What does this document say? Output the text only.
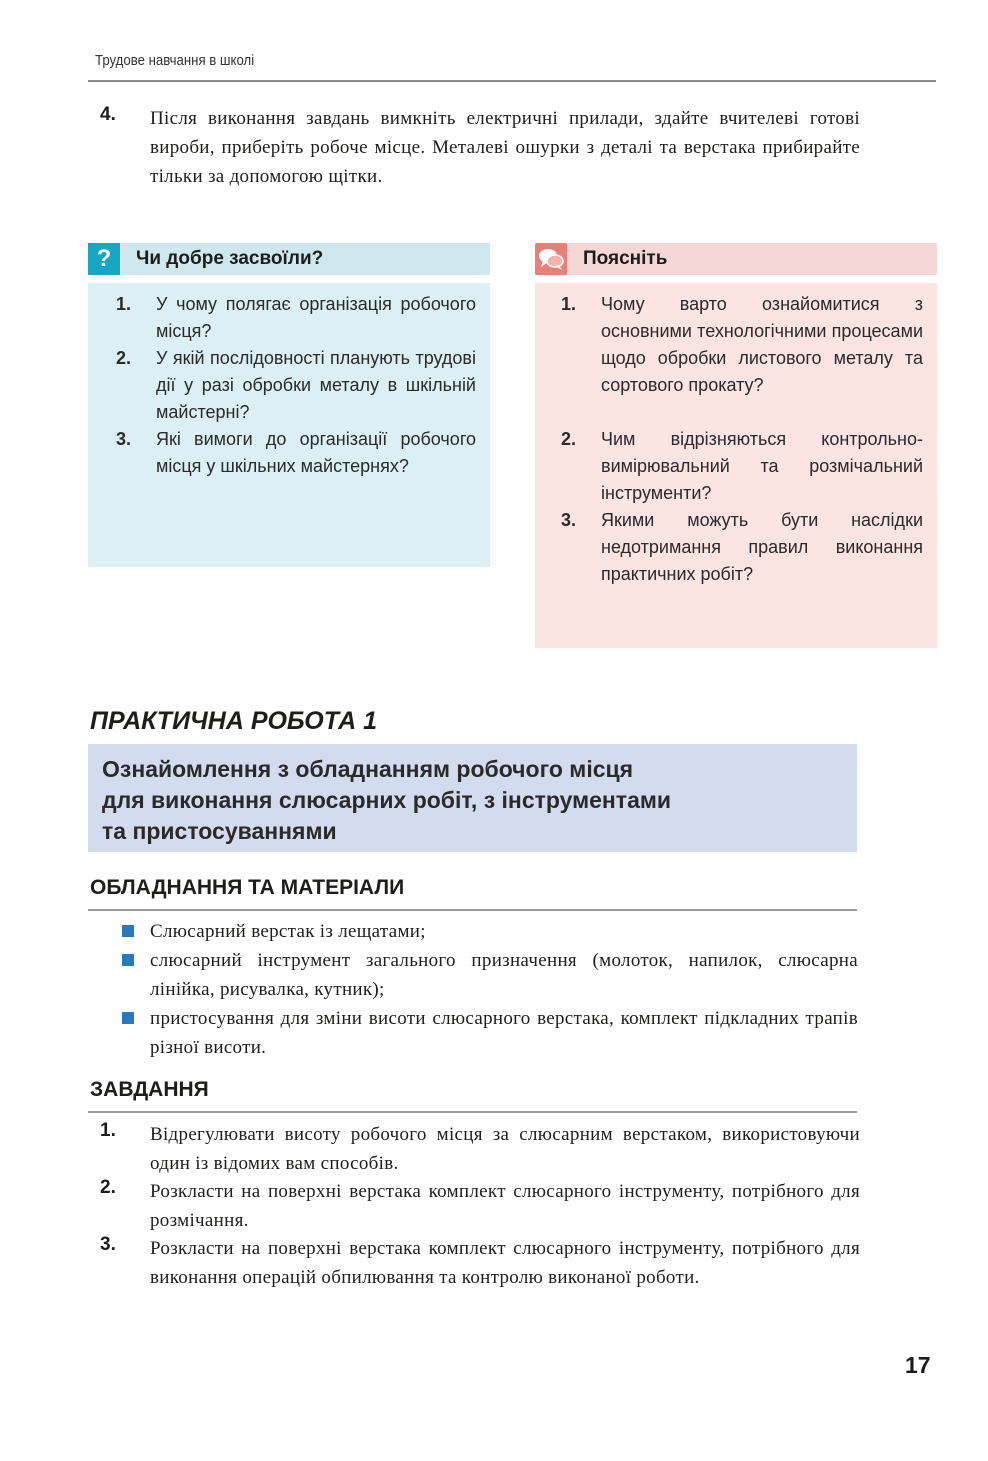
Трудове навчання в школі
4.	Після виконання завдань вимкніть електричні прилади, здайте вчителеві готові вироби, приберіть робоче місце. Металеві ошурки з деталі та верстака прибирайте тільки за допомогою щітки.
?	Чи добре засвоїли?
1. У чому полягає організація робочого місця?
2. У якій послідовності планують трудові дії у разі обробки металу в шкільній майстерні?
3. Які вимоги до організації робочого місця у шкільних майстернях?
Поясніть
1. Чому варто ознайомитися з основними технологічними процесами щодо обробки листового металу та сортового прокату?
2. Чим відрізняються контрольно-вимірювальний та розмічальний інструменти?
3. Якими можуть бути наслідки недотримання правил виконання практичних робіт?
ПРАКТИЧНА РОБОТА 1
Ознайомлення з обладнанням робочого місця
для виконання слюсарних робіт, з інструментами
та пристосуваннями
ОБЛАДНАННЯ ТА МАТЕРІАЛИ
Слюсарний верстак із лещатами;
слюсарний інструмент загального призначення (молоток, напилок, слюсарна лінійка, рисувалка, кутник);
пристосування для зміни висоти слюсарного верстака, комплект підкладних трапів різної висоти.
ЗАВДАННЯ
1.	Відрегулювати висоту робочого місця за слюсарним верстаком, використовуючи один із відомих вам способів.
2.	Розкласти на поверхні верстака комплект слюсарного інструменту, потрібного для розмічання.
3.	Розкласти на поверхні верстака комплект слюсарного інструменту, потрібного для виконання операцій обпилювання та контролю виконаної роботи.
17
